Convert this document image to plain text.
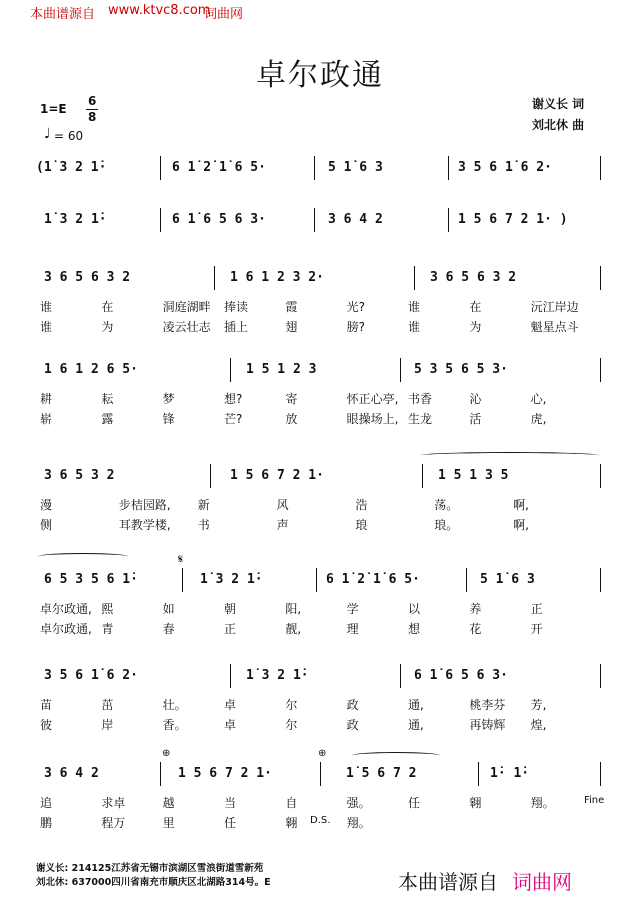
本曲谱源自 www.ktvc8.com
词曲网
卓尔政通
1=E
6
8
♩ = 60
谢义长 词
刘北休 曲
(1̇ 3 2 1̇·	6 1̇ 2̇ 1̇ 6 5·	5 1̇ 6 3	3 5 6 1̇ 6 2·
1̇ 3 2 1̇·	6 1̇ 6 5 6 3·	3 6 4 2	1 5 6 7 2 1· )
3 6 5 6 3 2	1 6 1 2 3 2·	3 6 5 6 3 2
谁	在	洞庭湖畔 捧读	霞	光?	谁	在	沅江岸边
谁	为	凌云壮志 插上	翅	膀?	谁	为	魁星点斗
1 6 1 2 6 5·	1 5 1 2 3	5 3 5 6 5 3·
耕	耘	梦	想?	寄	怀正心亭, 书香	沁	心,
崭	露	锋	芒?	放	眼操场上, 生龙	活	虎,
3 6 5 3 2	1 5 6 7 2 1·	1 5 1 3 5
漫	步桔园路, 新	风	浩	荡。	啊,
侧	耳教学楼, 书	声	琅	琅。	啊,
6 5 3 5 6 1̇·	1̇ 3 2 1̇·	6 1̇ 2̇ 1̇ 6 5·	5 1̇ 6 3
卓尔政通, 熙	如	朝	阳,	学	以	养	正
卓尔政通, 青	春	正	靓,	理	想	花	开
3 5 6 1̇ 6 2·	1̇ 3 2 1̇·	6 1̇ 6 5 6 3·
苗	茁	壮。	卓	尔	政	通,	桃李芬 芳,
彼	岸	香。	卓	尔	政	通,	再铸辉 煌,
3 6 4 2	1 5 6 7 2 1·	1̇ 5 6 7 2	1̇· 1̇·
追	求卓	越	当	自	强。	任	翱	翔。
鹏	程万	里	任	翱	翔。
𝄋
⊕	⊕
Fine
D.S.
谢义长: 214125江苏省无锡市滨湖区雪浪街道雪新苑
刘北休: 637000四川省南充市顺庆区北湖路314号。E	本曲谱源自 词曲网
